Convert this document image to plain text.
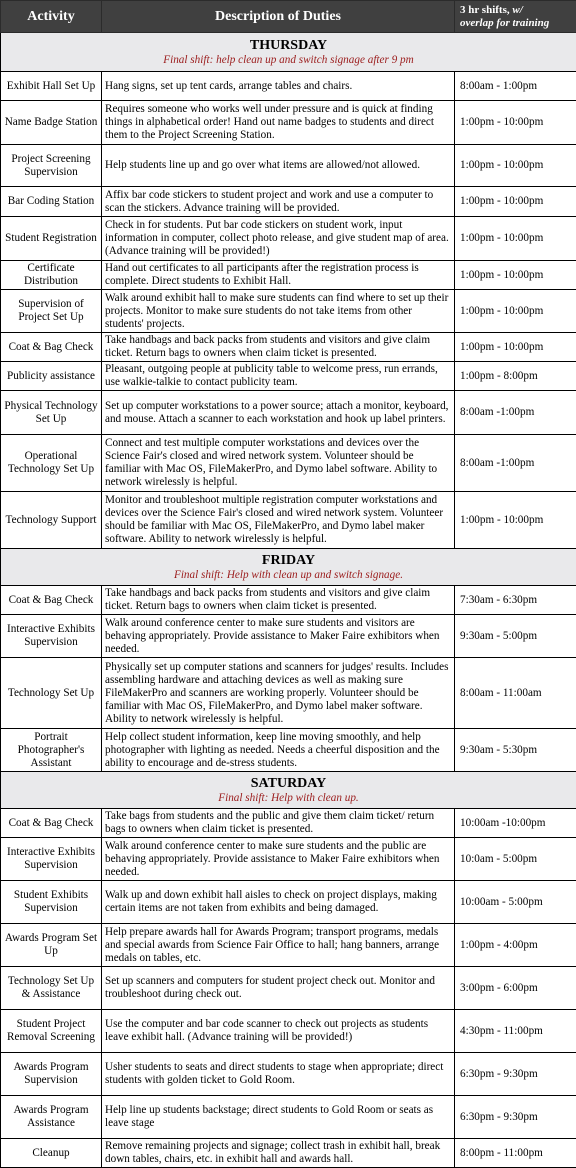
Activity	Description of Duties	3 hr shifts, w/
overlap for training

THURSDAY
Final shift: help clean up and switch signage after 9 pm		

Exhibit Hall Set Up	Hang signs, set up tent cards, arrange tables and chairs.	8:00am - 1:00pm
Name Badge Station	Requires someone who works well under pressure and is quick at finding things in alphabetical order! Hand out name badges to students and direct them to the Project Screening Station.	1:00pm - 10:00pm
Project Screening Supervision	Help students line up and go over what items are allowed/not allowed.	1:00pm - 10:00pm
Bar Coding Station	Affix bar code stickers to student project and work and use a computer to scan the stickers. Advance training will be provided.	1:00pm - 10:00pm
Student Registration	Check in for students. Put bar code stickers on student work, input information in computer, collect photo release, and give student map of area. (Advance training will be provided!)	1:00pm - 10:00pm
Certificate Distribution	Hand out certificates to all participants after the registration process is complete. Direct students to Exhibit Hall.	1:00pm - 10:00pm
Supervision of Project Set Up	Walk around exhibit hall to make sure students can find where to set up their projects. Monitor to make sure students do not take items from other students' projects.	1:00pm - 10:00pm
Coat & Bag Check	Take handbags and back packs from students and visitors and give claim ticket. Return bags to owners when claim ticket is presented.	1:00pm - 10:00pm
Publicity assistance	Pleasant, outgoing people at publicity table to welcome press, run errands, use walkie-talkie to contact publicity team.	1:00pm - 8:00pm
Physical Technology Set Up	Set up computer workstations to a power source; attach a monitor, keyboard, and mouse. Attach a scanner to each workstation and hook up label printers.	8:00am -1:00pm
Operational Technology Set Up	Connect and test multiple computer workstations and devices over the Science Fair's closed and wired network system. Volunteer should be familiar with Mac OS, FileMakerPro, and Dymo label software. Ability to network wirelessly is helpful.	8:00am -1:00pm
Technology Support	Monitor and troubleshoot multiple registration computer workstations and devices over the Science Fair's closed and wired network system. Volunteer should be familiar with Mac OS, FileMakerPro, and Dymo label maker software. Ability to network wirelessly is helpful.	1:00pm - 10:00pm

FRIDAY
Final shift: Help with clean up and switch signage.		

Coat & Bag Check	Take handbags and back packs from students and visitors and give claim ticket. Return bags to owners when claim ticket is presented.	7:30am - 6:30pm
Interactive Exhibits Supervision	Walk around conference center to make sure students and visitors are behaving appropriately. Provide assistance to Maker Faire exhibitors when needed.	9:30am - 5:00pm
Technology Set Up	Physically set up computer stations and scanners for judges' results. Includes assembling hardware and attaching devices as well as making sure FileMakerPro and scanners are working properly. Volunteer should be familiar with Mac OS, FileMakerPro, and Dymo label maker software. Ability to network wirelessly is helpful.	8:00am - 11:00am
Portrait Photographer's Assistant	Help collect student information, keep line moving smoothly, and help photographer with lighting as needed. Needs a cheerful disposition and the ability to encourage and de-stress students.	9:30am - 5:30pm

SATURDAY
Final shift: Help with clean up.		

Coat & Bag Check	Take bags from students and the public and give them claim ticket/ return bags to owners when claim ticket is presented.	10:00am -10:00pm
Interactive Exhibits Supervision	Walk around conference center to make sure students and the public are behaving appropriately. Provide assistance to Maker Faire exhibitors when needed.	10:0am - 5:00pm
Student Exhibits Supervision	Walk up and down exhibit hall aisles to check on project displays, making certain items are not taken from exhibits and being damaged.	10:00am - 5:00pm
Awards Program Set Up	Help prepare awards hall for Awards Program; transport programs, medals and special awards from Science Fair Office to hall; hang banners, arrange medals on tables, etc.	1:00pm - 4:00pm
Technology Set Up & Assistance	Set up scanners and computers for student project check out. Monitor and troubleshoot during check out.	3:00pm - 6:00pm
Student Project Removal Screening	Use the computer and bar code scanner to check out projects as students leave exhibit hall. (Advance training will be provided!)	4:30pm - 11:00pm
Awards Program Supervision	Usher students to seats and direct students to stage when appropriate; direct students with golden ticket to Gold Room.	6:30pm - 9:30pm
Awards Program Assistance	Help line up students backstage; direct students to Gold Room or seats as leave stage	6:30pm - 9:30pm
Cleanup	Remove remaining projects and signage; collect trash in exhibit hall, break down tables, chairs, etc. in exhibit hall and awards hall.	8:00pm - 11:00pm
